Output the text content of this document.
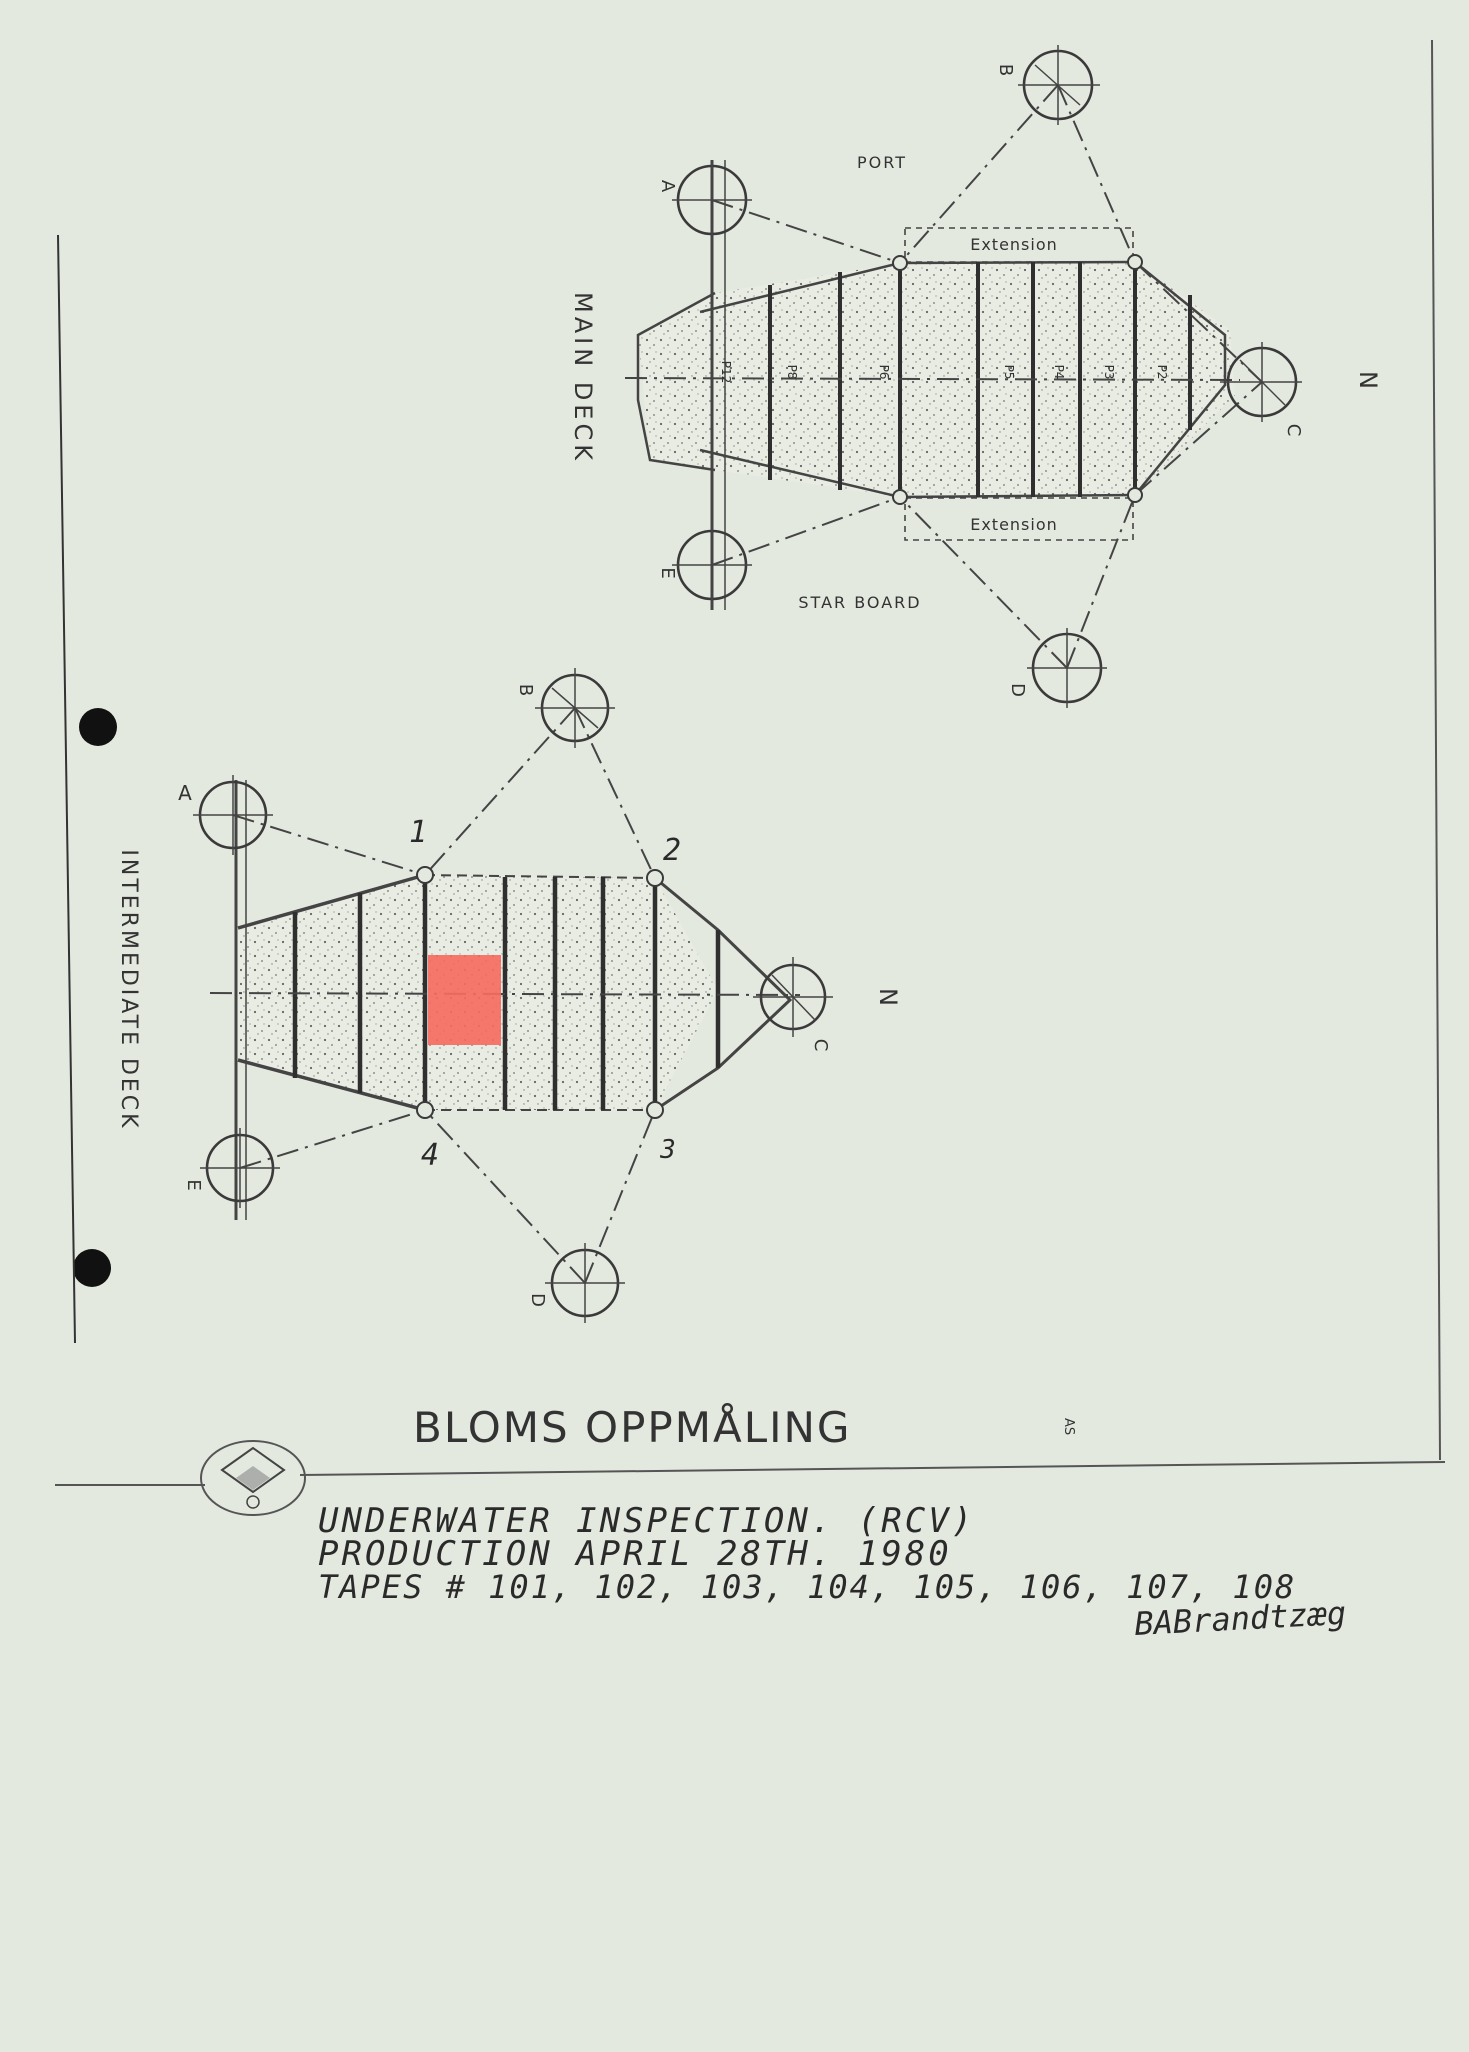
MAIN DECK
PORT
STAR BOARD
Extension
Extension
A
B
C
D
E
N
P12	P8	P6	P5	P4	P3	P2
INTERMEDIATE DECK
A
B
C
D
E
N
1
2
3
4
BLOMS OPPMÅLING	AS
UNDERWATER INSPECTION. (RCV)
PRODUCTION APRIL 28TH. 1980
TAPES # 101, 102, 103, 104, 105, 106, 107, 108
BABrandtzæg
